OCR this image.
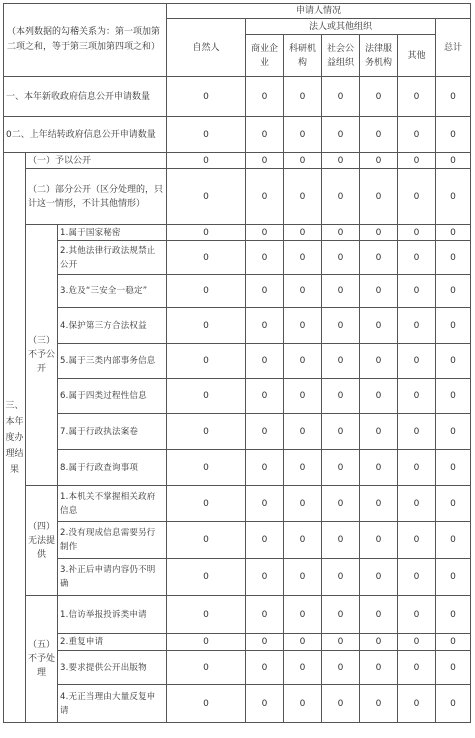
（本列数据的勾稽关系为：第一项加第二项之和，等于第三项加第四项之和）			申请人情况						
			自然人	法人或其他组织					总计
				商业企业	科研机构	社会公益组织	法律服务机构	其他	
一、本年新收政府信息公开申请数量			0	0	0	0	0	0	0
0二、上年结转政府信息公开申请数量			0	0	0	0	0	0	0
三、本年度办理结果	（一）予以公开		0	0	0	0	0	0	0
	（二）部分公开（区分处理的，只计这一情形，不计其他情形）		0	0	0	0	0	0	0
	（三）不予公开	1.属于国家秘密	0	0	0	0	0	0	0
		2.其他法律行政法规禁止公开	0	0	0	0	0	0	0
		3.危及“三安全一稳定”	0	0	0	0	0	0	0
		4.保护第三方合法权益	0	0	0	0	0	0	0
		5.属于三类内部事务信息	0	0	0	0	0	0	0
		6.属于四类过程性信息	0	0	0	0	0	0	0
		7.属于行政执法案卷	0	0	0	0	0	0	0
		8.属于行政查询事项	0	0	0	0	0	0	0
	（四）无法提供	1.本机关不掌握相关政府信息	0	0	0	0	0	0	0
		2.没有现成信息需要另行制作	0	0	0	0	0	0	0
		3.补正后申请内容仍不明确	0	0	0	0	0	0	0
	（五）不予处理	1.信访举报投诉类申请	0	0	0	0	0	0	0
		2.重复申请	0	0	0	0	0	0	0
		3.要求提供公开出版物	0	0	0	0	0	0	0
		4.无正当理由大量反复申请	0	0	0	0	0	0	0
